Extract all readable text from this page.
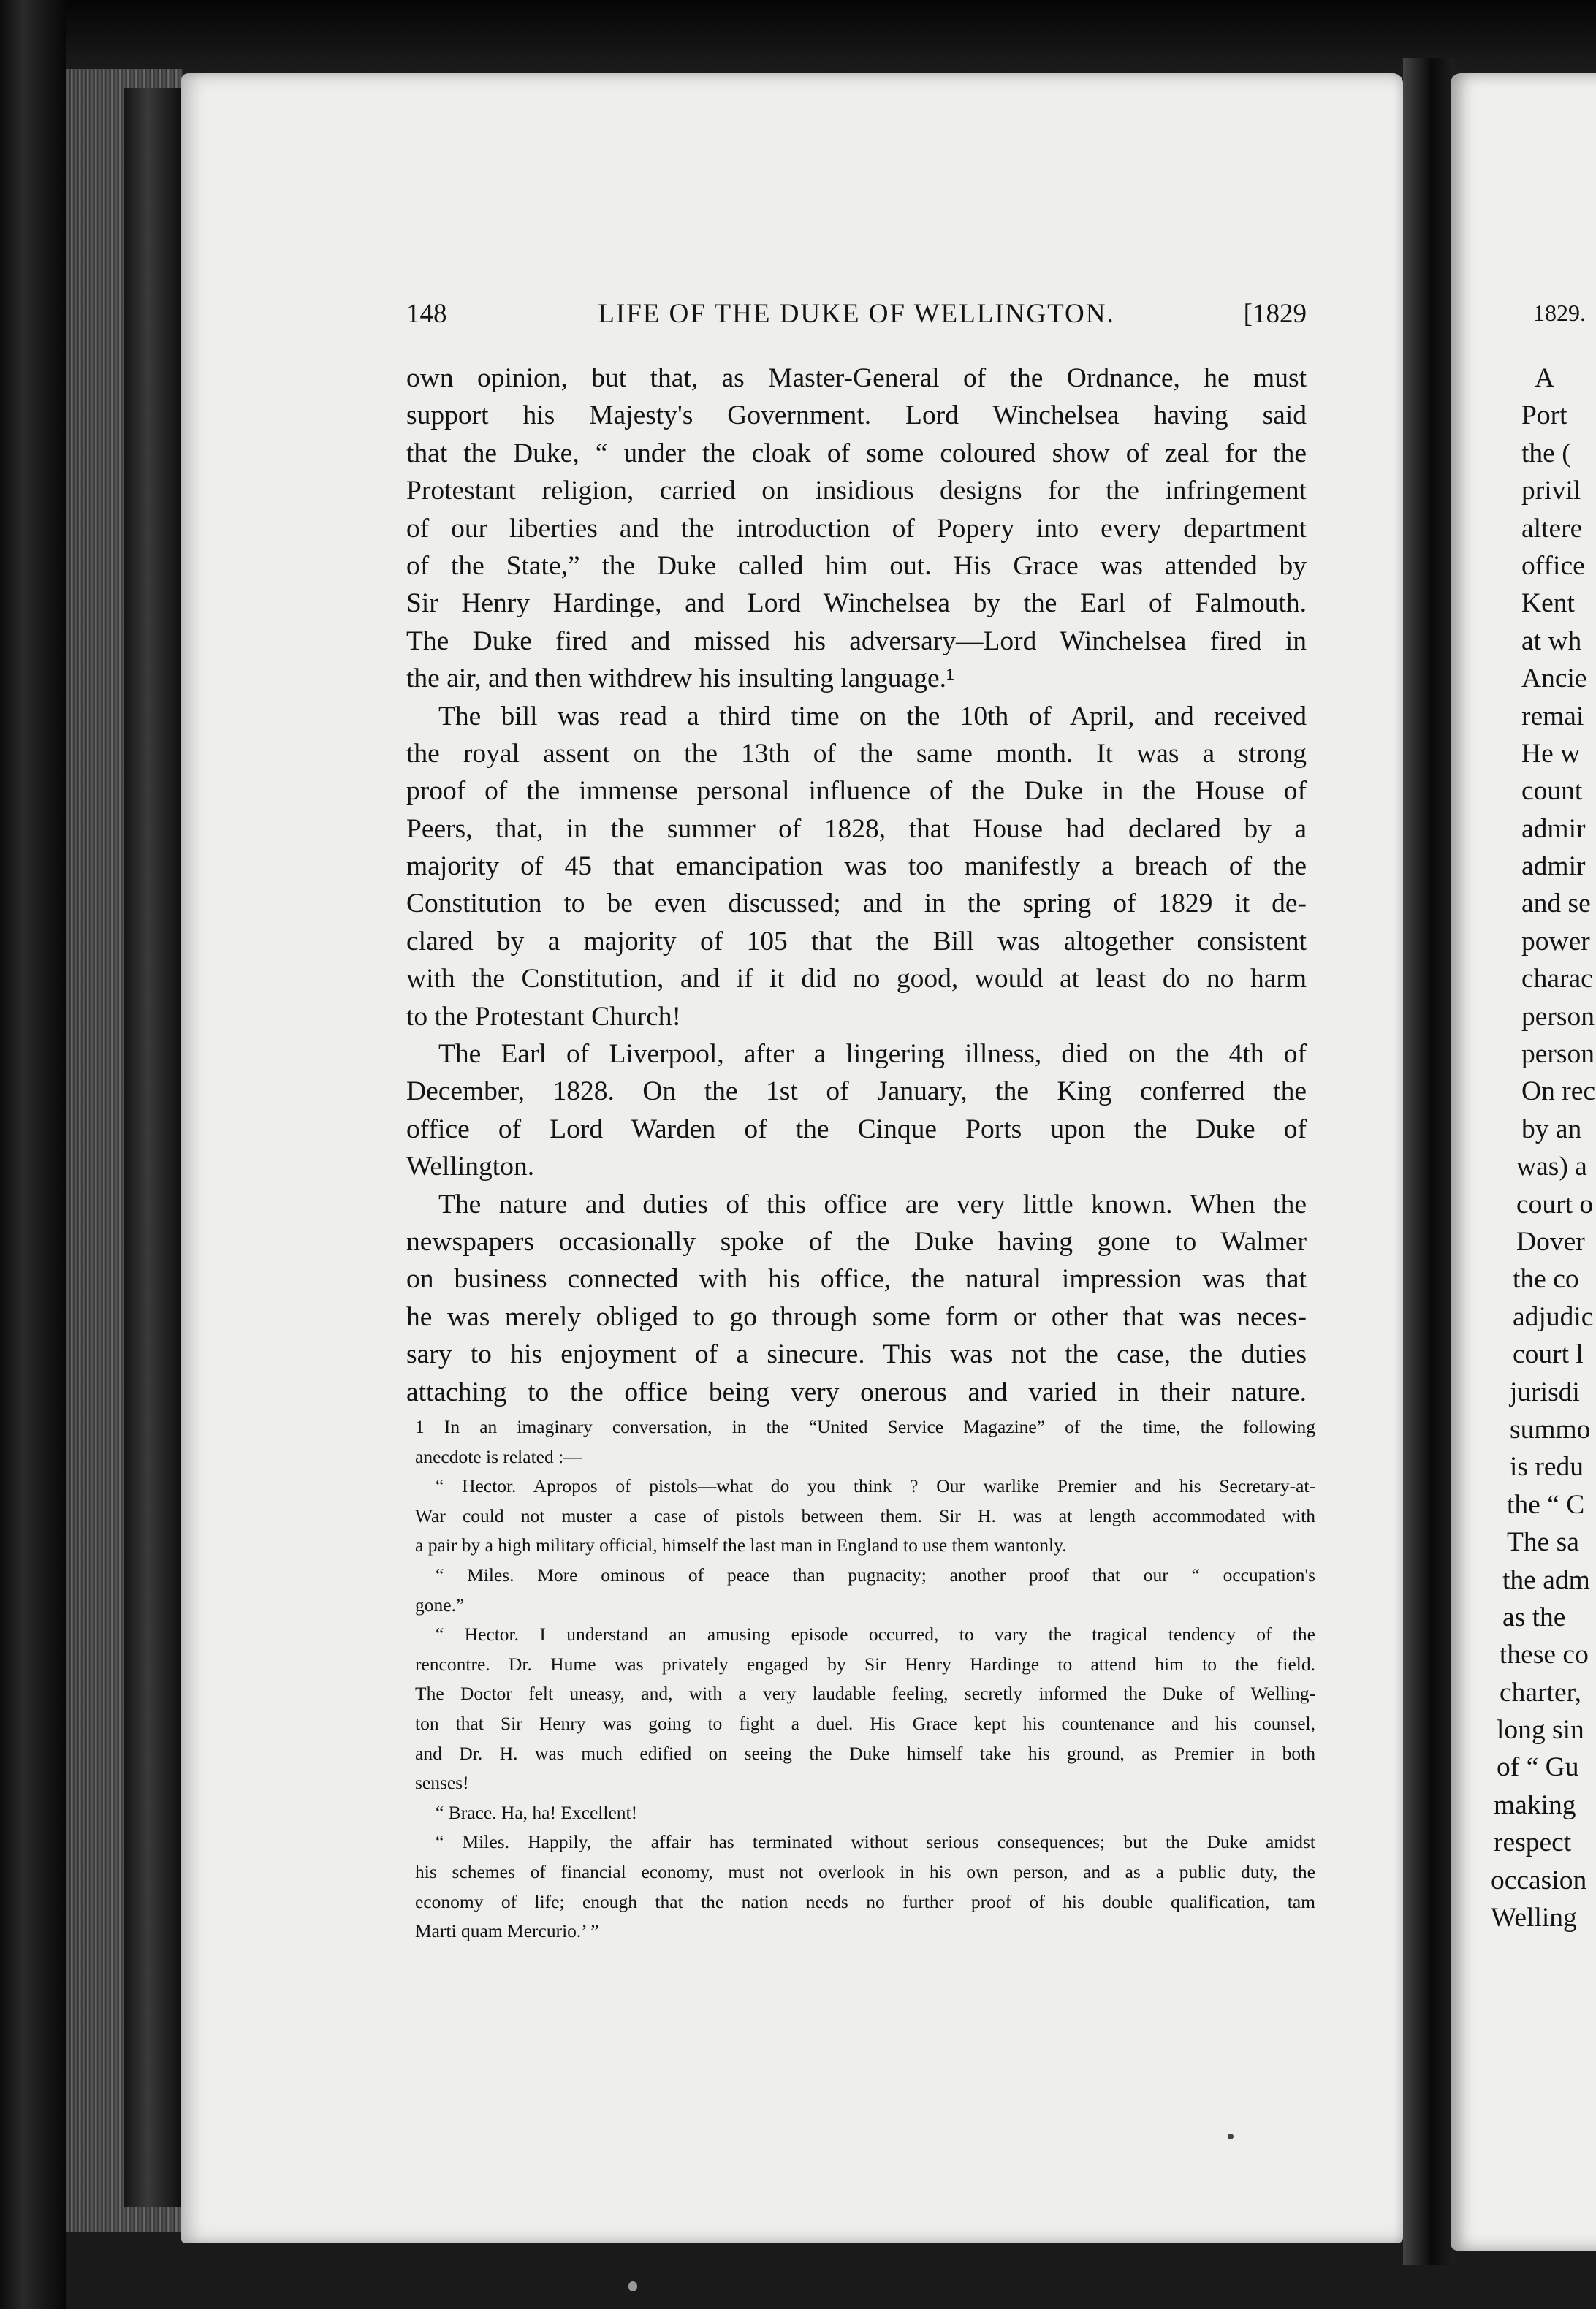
148	LIFE OF THE DUKE OF WELLINGTON.	[1829
own opinion, but that, as Master-General of the Ordnance, he must
support his Majesty's Government. Lord Winchelsea having said
that the Duke, “ under the cloak of some coloured show of zeal for the
Protestant religion, carried on insidious designs for the infringement
of our liberties and the introduction of Popery into every department
of the State,” the Duke called him out. His Grace was attended by
Sir Henry Hardinge, and Lord Winchelsea by the Earl of Falmouth.
The Duke fired and missed his adversary—Lord Winchelsea fired in
the air, and then withdrew his insulting language.¹
The bill was read a third time on the 10th of April, and received
the royal assent on the 13th of the same month. It was a strong
proof of the immense personal influence of the Duke in the House of
Peers, that, in the summer of 1828, that House had declared by a
majority of 45 that emancipation was too manifestly a breach of the
Constitution to be even discussed; and in the spring of 1829 it de-
clared by a majority of 105 that the Bill was altogether consistent
with the Constitution, and if it did no good, would at least do no harm
to the Protestant Church!
The Earl of Liverpool, after a lingering illness, died on the 4th of
December, 1828. On the 1st of January, the King conferred the
office of Lord Warden of the Cinque Ports upon the Duke of
Wellington.
The nature and duties of this office are very little known. When the
newspapers occasionally spoke of the Duke having gone to Walmer
on business connected with his office, the natural impression was that
he was merely obliged to go through some form or other that was neces-
sary to his enjoyment of a sinecure. This was not the case, the duties
attaching to the office being very onerous and varied in their nature.
1 In an imaginary conversation, in the “United Service Magazine” of the time, the following
anecdote is related :—
“ Hector. Apropos of pistols—what do you think ? Our warlike Premier and his Secretary-at-
War could not muster a case of pistols between them. Sir H. was at length accommodated with
a pair by a high military official, himself the last man in England to use them wantonly.
“ Miles. More ominous of peace than pugnacity; another proof that our “ occupation's
gone.”
“ Hector. I understand an amusing episode occurred, to vary the tragical tendency of the
rencontre. Dr. Hume was privately engaged by Sir Henry Hardinge to attend him to the field.
The Doctor felt uneasy, and, with a very laudable feeling, secretly informed the Duke of Welling-
ton that Sir Henry was going to fight a duel. His Grace kept his countenance and his counsel,
and Dr. H. was much edified on seeing the Duke himself take his ground, as Premier in both
senses!
“ Brace. Ha, ha! Excellent!
“ Miles. Happily, the affair has terminated without serious consequences; but the Duke amidst
his schemes of financial economy, must not overlook in his own person, and as a public duty, the
economy of life; enough that the nation needs no further proof of his double qualification, tam
Marti quam Mercurio.’ ”
1829.
A
Port
the (
privil
altere
office
Kent
at wh
Ancie
remai
He w
count
admir
admir
and se
power
charac
person
person
On rec
by an
was) a
court o
Dover
the co
adjudic
court l
jurisdi
summo
is redu
the “ C
The sa
the adm
as the
these co
charter,
long sin
of “ Gu
making
respect
occasion
Welling
